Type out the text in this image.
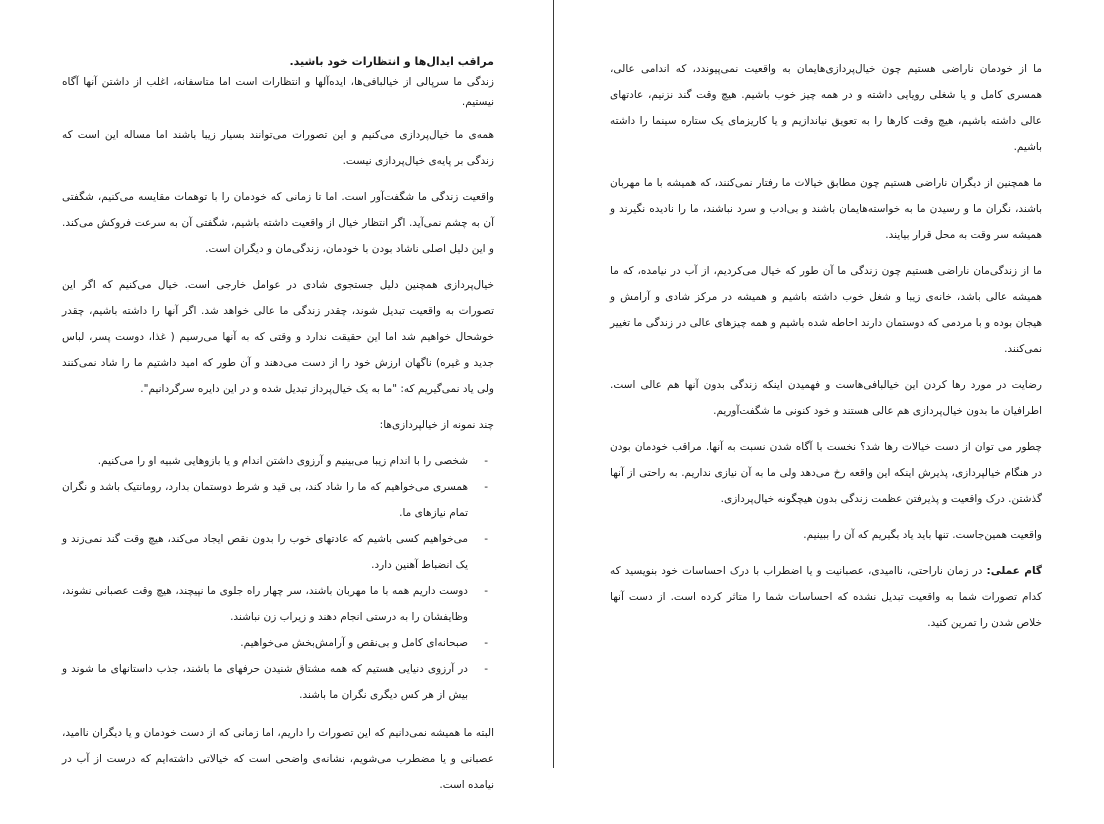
مراقب ایدال‌ها و انتظارات خود باشید.

زندگی ما سرپالی از خیالبافی‌ها، ایده‌آلها و انتظارات است اما متاسفانه، اغلب از داشتن آنها آگاه نیستیم.

همه‌ی ما خیال‌پردازی می‌کنیم و این تصورات می‌توانند بسیار زیبا باشند اما مساله این است که زندگی بر پایه‌ی خیال‌پردازی نیست.

واقعیت زندگی ما شگفت‌آور است. اما تا زمانی که خودمان را با توهمات مقایسه می‌کنیم، شگفتی آن به چشم نمی‌آید. اگر انتظار خیال از واقعیت داشته باشیم، شگفتی آن به سرعت فروکش می‌کند. و این دلیل اصلی ناشاد بودن با خودمان، زندگی‌مان و دیگران است.

خیال‌پردازی همچنین دلیل جستجوی شادی در عوامل خارجی است. خیال می‌کنیم که اگر این تصورات به واقعیت تبدیل شوند، چقدر زندگی ما عالی خواهد شد. اگر آنها را داشته باشیم، چقدر خوشحال خواهیم شد اما این حقیقت ندارد و وقتی که به آنها می‌رسیم ( غذا، دوست پسر، لباس جدید و غیره) ناگهان ارزش خود را از دست می‌دهند و آن طور که امید داشتیم ما را شاد نمی‌کنند ولی یاد نمی‌گیریم که: "ما به یک خیال‌پرداز تبدیل شده و در این دایره سرگردانیم".

چند نمونه از خیالپردازی‌ها:

- شخصی را با اندام زیبا می‌بینیم و آرزوی داشتن اندام و یا بازوهایی شبیه او را می‌کنیم.
- همسری می‌خواهیم که ما را شاد کند، بی قید و شرط دوستمان بدارد، رومانتیک باشد و نگران تمام نیازهای ما.
- می‌خواهیم کسی باشیم که عادتهای خوب را بدون نقص ایجاد می‌کند، هیچ وقت گند نمی‌زند و یک انضباط آهنین دارد.
- دوست داریم همه با ما مهربان باشند، سر چهار راه جلوی ما نپیچند، هیچ وقت عصبانی نشوند، وظایفشان را به درستی انجام دهند و زیراب زن نباشند.
- صبحانه‌ای کامل و بی‌نقص و آرامش‌بخش می‌خواهیم.
- در آرزوی دنیایی هستیم که همه مشتاق شنیدن حرفهای ما باشند، جذب داستانهای ما شوند و بیش از هر کس دیگری نگران ما باشند.

البته ما همیشه نمی‌دانیم که این تصورات را داریم، اما زمانی که از دست خودمان و یا دیگران ناامید، عصبانی و یا مضطرب می‌شویم، نشانه‌ی واضحی است که خیالاتی داشته‌ایم که درست از آب در نیامده است.

ما از خودمان ناراضی هستیم چون خیال‌پردازی‌هایمان به واقعیت نمی‌پیوندد، که اندامی عالی، همسری کامل و یا شغلی رویایی داشته و در همه چیز خوب باشیم. هیچ وقت گند نزنیم، عادتهای عالی داشته باشیم، هیچ وقت کارها را به تعویق نیاندازیم و یا کاریزمای یک ستاره سینما را داشته باشیم.

ما همچنین از دیگران ناراضی هستیم چون مطابق خیالات ما رفتار نمی‌کنند، که همیشه با ما مهربان باشند، نگران ما و رسیدن ما به خواسته‌هایمان باشند و بی‌ادب و سرد نباشند، ما را نادیده نگیرند و همیشه سر وقت به محل قرار بیایند.

ما از زندگی‌مان ناراضی هستیم چون زندگی ما آن طور که خیال می‌کردیم، از آب در نیامده، که ما همیشه عالی باشد، خانه‌ی زیبا و شغل خوب داشته باشیم و همیشه در مرکز شادی و آرامش و هیجان بوده و با مردمی که دوستمان دارند احاطه شده باشیم و همه چیزهای عالی در زندگی ما تغییر نمی‌کنند.

رضایت در مورد رها کردن این خیالبافی‌هاست و فهمیدن اینکه زندگی بدون آنها هم عالی است. اطرافیان ما بدون خیال‌پردازی هم عالی هستند و خود کنونی ما شگفت‌آوریم.

چطور می توان از دست خیالات رها شد؟ نخست با آگاه شدن نسبت به آنها. مراقب خودمان بودن در هنگام خیالپردازی، پذیرش اینکه این واقعه رخ می‌دهد ولی ما به آن نیازی نداریم. به راحتی از آنها گذشتن. درک واقعیت و پذیرفتن عظمت زندگی بدون هیچگونه خیال‌پردازی.

واقعیت همین‌جاست. تنها باید یاد بگیریم که آن را ببینیم.

گام عملی: در زمان ناراحتی، ناامیدی، عصبانیت و یا اضطراب با درک احساسات خود بنویسید که کدام تصورات شما به واقعیت تبدیل نشده که احساسات شما را متاثر کرده است. از دست آنها خلاص شدن را تمرین کنید.
